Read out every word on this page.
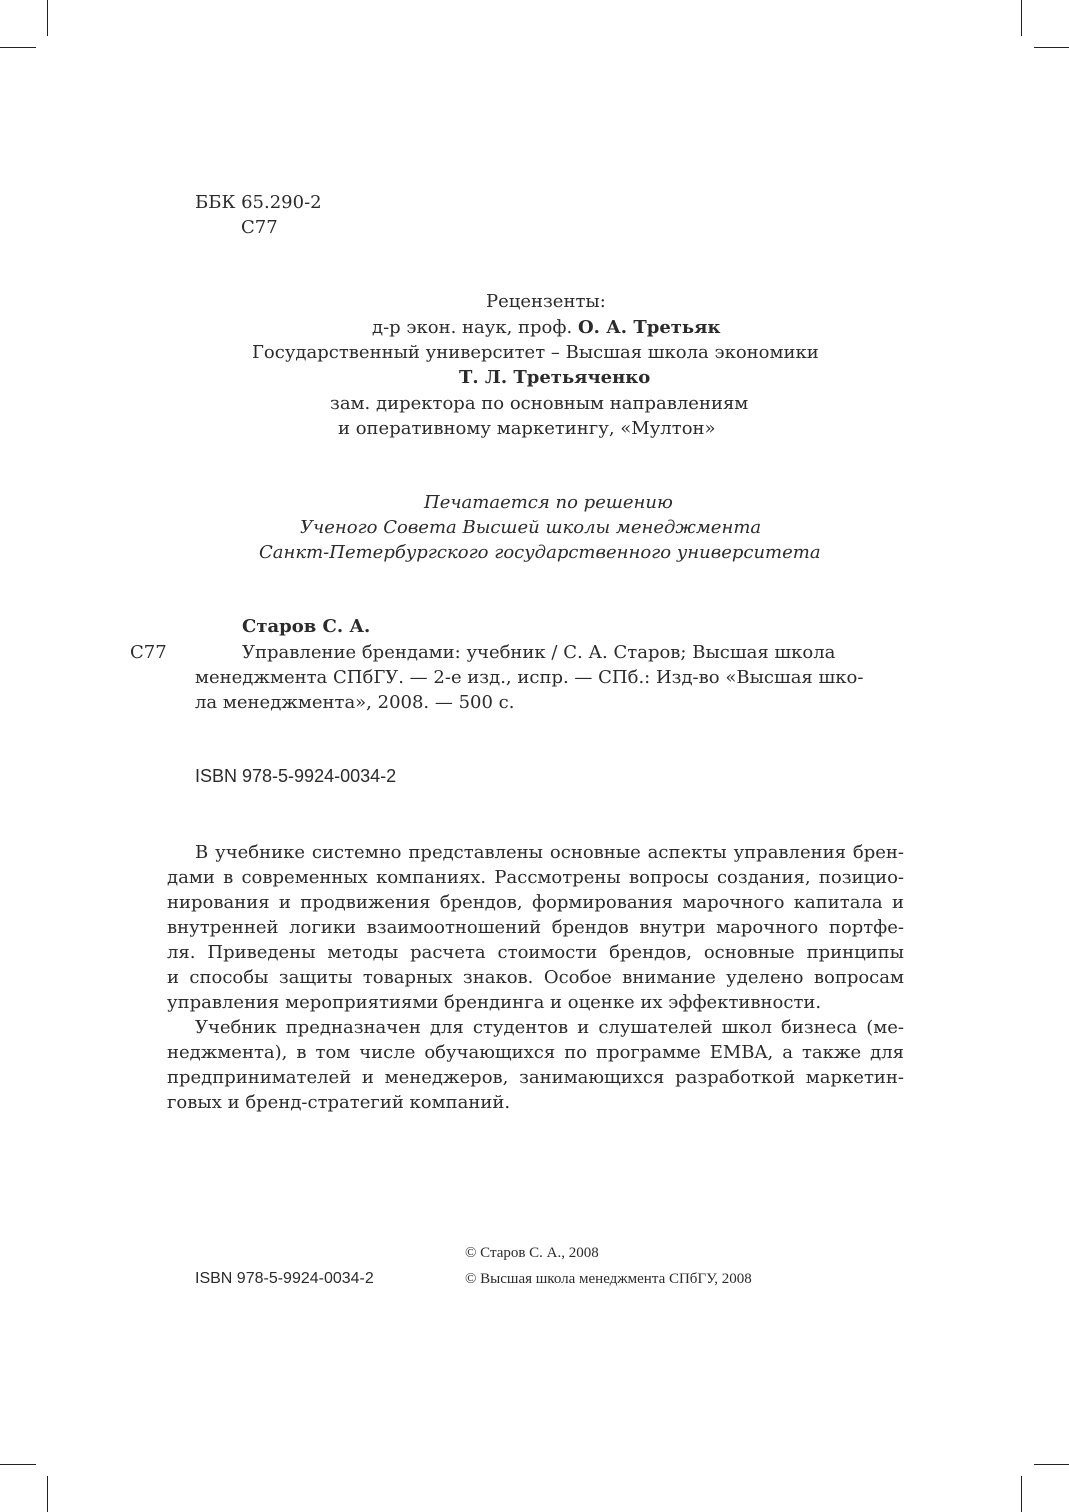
ББК 65.290-2
С77
Рецензенты:
д-р экон. наук, проф. О. А. Третьяк
Государственный университет – Высшая школа экономики
Т. Л. Третьяченко
зам. директора по основным направлениям
и оперативному маркетингу, «Мултон»
Печатается по решению
Ученого Совета Высшей школы менеджмента
Санкт-Петербургского государственного университета
Старов С. А.
С77	Управление брендами: учебник / С. А. Старов; Высшая школа
менеджмента СПбГУ. — 2-е изд., испр. — СПб.: Изд-во «Высшая шко-
ла менеджмента», 2008. — 500 с.
ISBN 978-5-9924-0034-2
В учебнике системно представлены основные аспекты управления брен-
дами в современных компаниях. Рассмотрены вопросы создания, позицио-
нирования и продвижения брендов, формирования марочного капитала и
внутренней логики взаимоотношений брендов внутри марочного портфе-
ля. Приведены методы расчета стоимости брендов, основные принципы
и способы защиты товарных знаков. Особое внимание уделено вопросам
управления мероприятиями брендинга и оценке их эффективности.
Учебник предназначен для студентов и слушателей школ бизнеса (ме-
неджмента), в том числе обучающихся по программе EMBA, а также для
предпринимателей и менеджеров, занимающихся разработкой маркетин-
говых и бренд-стратегий компаний.
© Старов С. А., 2008
ISBN 978-5-9924-0034-2	© Высшая школа менеджмента СПбГУ, 2008
